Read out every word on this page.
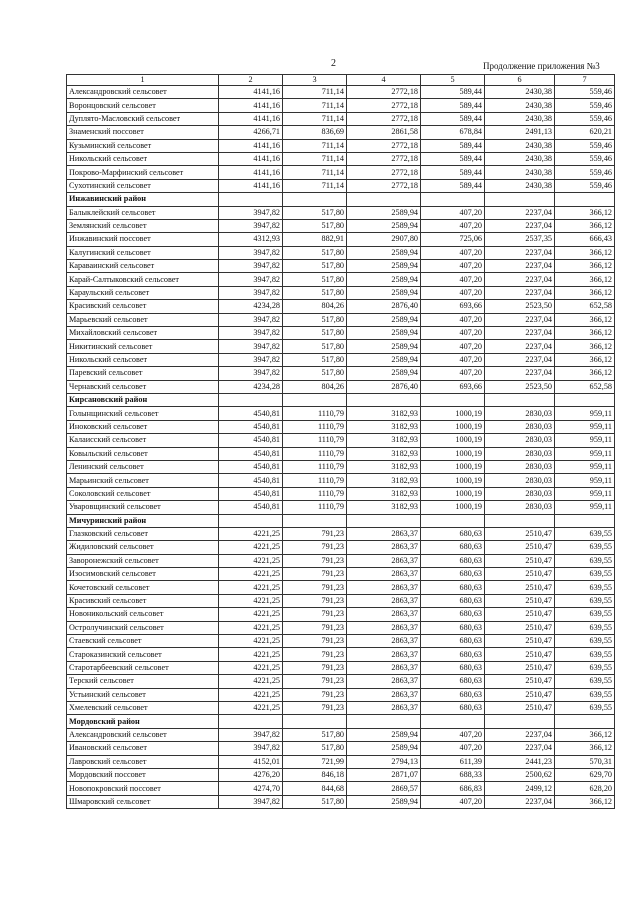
2	Продолжение приложения №3
1	2	3	4	5	6	7
Александровский сельсовет	4141,16	711,14	2772,18	589,44	2430,38	559,46
Воронцовский сельсовет	4141,16	711,14	2772,18	589,44	2430,38	559,46
Дуплято-Масловский сельсовет	4141,16	711,14	2772,18	589,44	2430,38	559,46
Знаменский поссовет	4266,71	836,69	2861,58	678,84	2491,13	620,21
Кузьминский сельсовет	4141,16	711,14	2772,18	589,44	2430,38	559,46
Никольский сельсовет	4141,16	711,14	2772,18	589,44	2430,38	559,46
Покрово-Марфинский сельсовет	4141,16	711,14	2772,18	589,44	2430,38	559,46
Сухотинский сельсовет	4141,16	711,14	2772,18	589,44	2430,38	559,46
Инжавинский район						
Балыклейский сельсовет	3947,82	517,80	2589,94	407,20	2237,04	366,12
Землянский сельсовет	3947,82	517,80	2589,94	407,20	2237,04	366,12
Инжавинский поссовет	4312,93	882,91	2907,80	725,06	2537,35	666,43
Калугинский сельсовет	3947,82	517,80	2589,94	407,20	2237,04	366,12
Караваинский сельсовет	3947,82	517,80	2589,94	407,20	2237,04	366,12
Карай-Салтыковский сельсовет	3947,82	517,80	2589,94	407,20	2237,04	366,12
Караульский сельсовет	3947,82	517,80	2589,94	407,20	2237,04	366,12
Красивский сельсовет	4234,28	804,26	2876,40	693,66	2523,50	652,58
Марьевский сельсовет	3947,82	517,80	2589,94	407,20	2237,04	366,12
Михайловский сельсовет	3947,82	517,80	2589,94	407,20	2237,04	366,12
Никитинский сельсовет	3947,82	517,80	2589,94	407,20	2237,04	366,12
Никольский сельсовет	3947,82	517,80	2589,94	407,20	2237,04	366,12
Паревский сельсовет	3947,82	517,80	2589,94	407,20	2237,04	366,12
Чернавский сельсовет	4234,28	804,26	2876,40	693,66	2523,50	652,58
Кирсановский район						
Голынщинский сельсовет	4540,81	1110,79	3182,93	1000,19	2830,03	959,11
Иноковский сельсовет	4540,81	1110,79	3182,93	1000,19	2830,03	959,11
Калаисский сельсовет	4540,81	1110,79	3182,93	1000,19	2830,03	959,11
Ковыльский сельсовет	4540,81	1110,79	3182,93	1000,19	2830,03	959,11
Ленинский сельсовет	4540,81	1110,79	3182,93	1000,19	2830,03	959,11
Марьинский сельсовет	4540,81	1110,79	3182,93	1000,19	2830,03	959,11
Соколовский сельсовет	4540,81	1110,79	3182,93	1000,19	2830,03	959,11
Уваровщинский сельсовет	4540,81	1110,79	3182,93	1000,19	2830,03	959,11
Мичуринский район						
Глазковский сельсовет	4221,25	791,23	2863,37	680,63	2510,47	639,55
Жидиловский сельсовет	4221,25	791,23	2863,37	680,63	2510,47	639,55
Заворонежский сельсовет	4221,25	791,23	2863,37	680,63	2510,47	639,55
Изосимовский сельсовет	4221,25	791,23	2863,37	680,63	2510,47	639,55
Кочетовский сельсовет	4221,25	791,23	2863,37	680,63	2510,47	639,55
Красивский сельсовет	4221,25	791,23	2863,37	680,63	2510,47	639,55
Новоникольский сельсовет	4221,25	791,23	2863,37	680,63	2510,47	639,55
Остролучинский сельсовет	4221,25	791,23	2863,37	680,63	2510,47	639,55
Стаевский сельсовет	4221,25	791,23	2863,37	680,63	2510,47	639,55
Староказинский сельсовет	4221,25	791,23	2863,37	680,63	2510,47	639,55
Старотарбеевский сельсовет	4221,25	791,23	2863,37	680,63	2510,47	639,55
Терский сельсовет	4221,25	791,23	2863,37	680,63	2510,47	639,55
Устьинский сельсовет	4221,25	791,23	2863,37	680,63	2510,47	639,55
Хмелевский сельсовет	4221,25	791,23	2863,37	680,63	2510,47	639,55
Мордовский район						
Александровский сельсовет	3947,82	517,80	2589,94	407,20	2237,04	366,12
Ивановский сельсовет	3947,82	517,80	2589,94	407,20	2237,04	366,12
Лавровский сельсовет	4152,01	721,99	2794,13	611,39	2441,23	570,31
Мордовский поссовет	4276,20	846,18	2871,07	688,33	2500,62	629,70
Новопокровский поссовет	4274,70	844,68	2869,57	686,83	2499,12	628,20
Шмаровский сельсовет	3947,82	517,80	2589,94	407,20	2237,04	366,12
